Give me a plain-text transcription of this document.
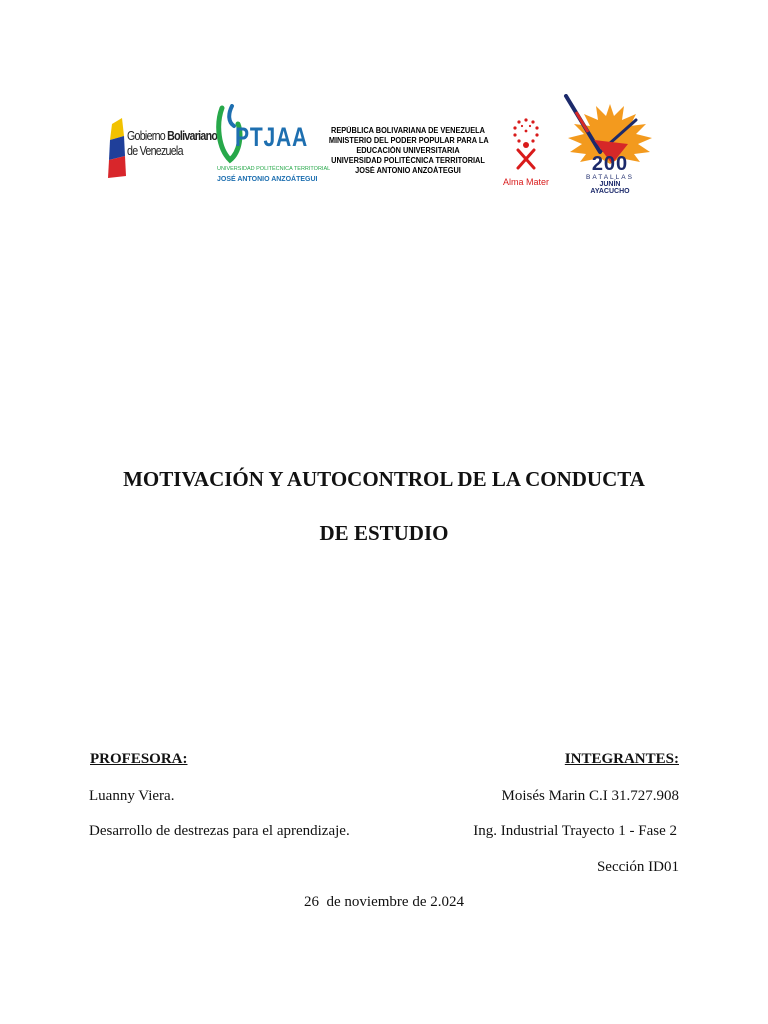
Gobierno Bolivariano
de Venezuela	PTJAA
UNIVERSIDAD POLITÉCNICA TERRITORIAL
JOSÉ ANTONIO ANZOÁTEGUI
REPÚBLICA BOLIVARIANA DE VENEZUELA
MINISTERIO DEL PODER POPULAR PARA LA
EDUCACIÓN UNIVERSITARIA
UNIVERSIDAD POLITÉCNICA TERRITORIAL
JOSÉ ANTONIO ANZOÁTEGUI
Alma Mater
200
BATALLAS
JUNÍN
AYACUCHO
MOTIVACIÓN Y AUTOCONTROL DE LA CONDUCTA
DE ESTUDIO
PROFESORA:
Luanny Viera.
Desarrollo de destrezas para el aprendizaje.
INTEGRANTES:
Moisés Marin C.I 31.727.908
Ing. Industrial Trayecto 1 - Fase 2
Sección ID01
26  de noviembre de 2.024
